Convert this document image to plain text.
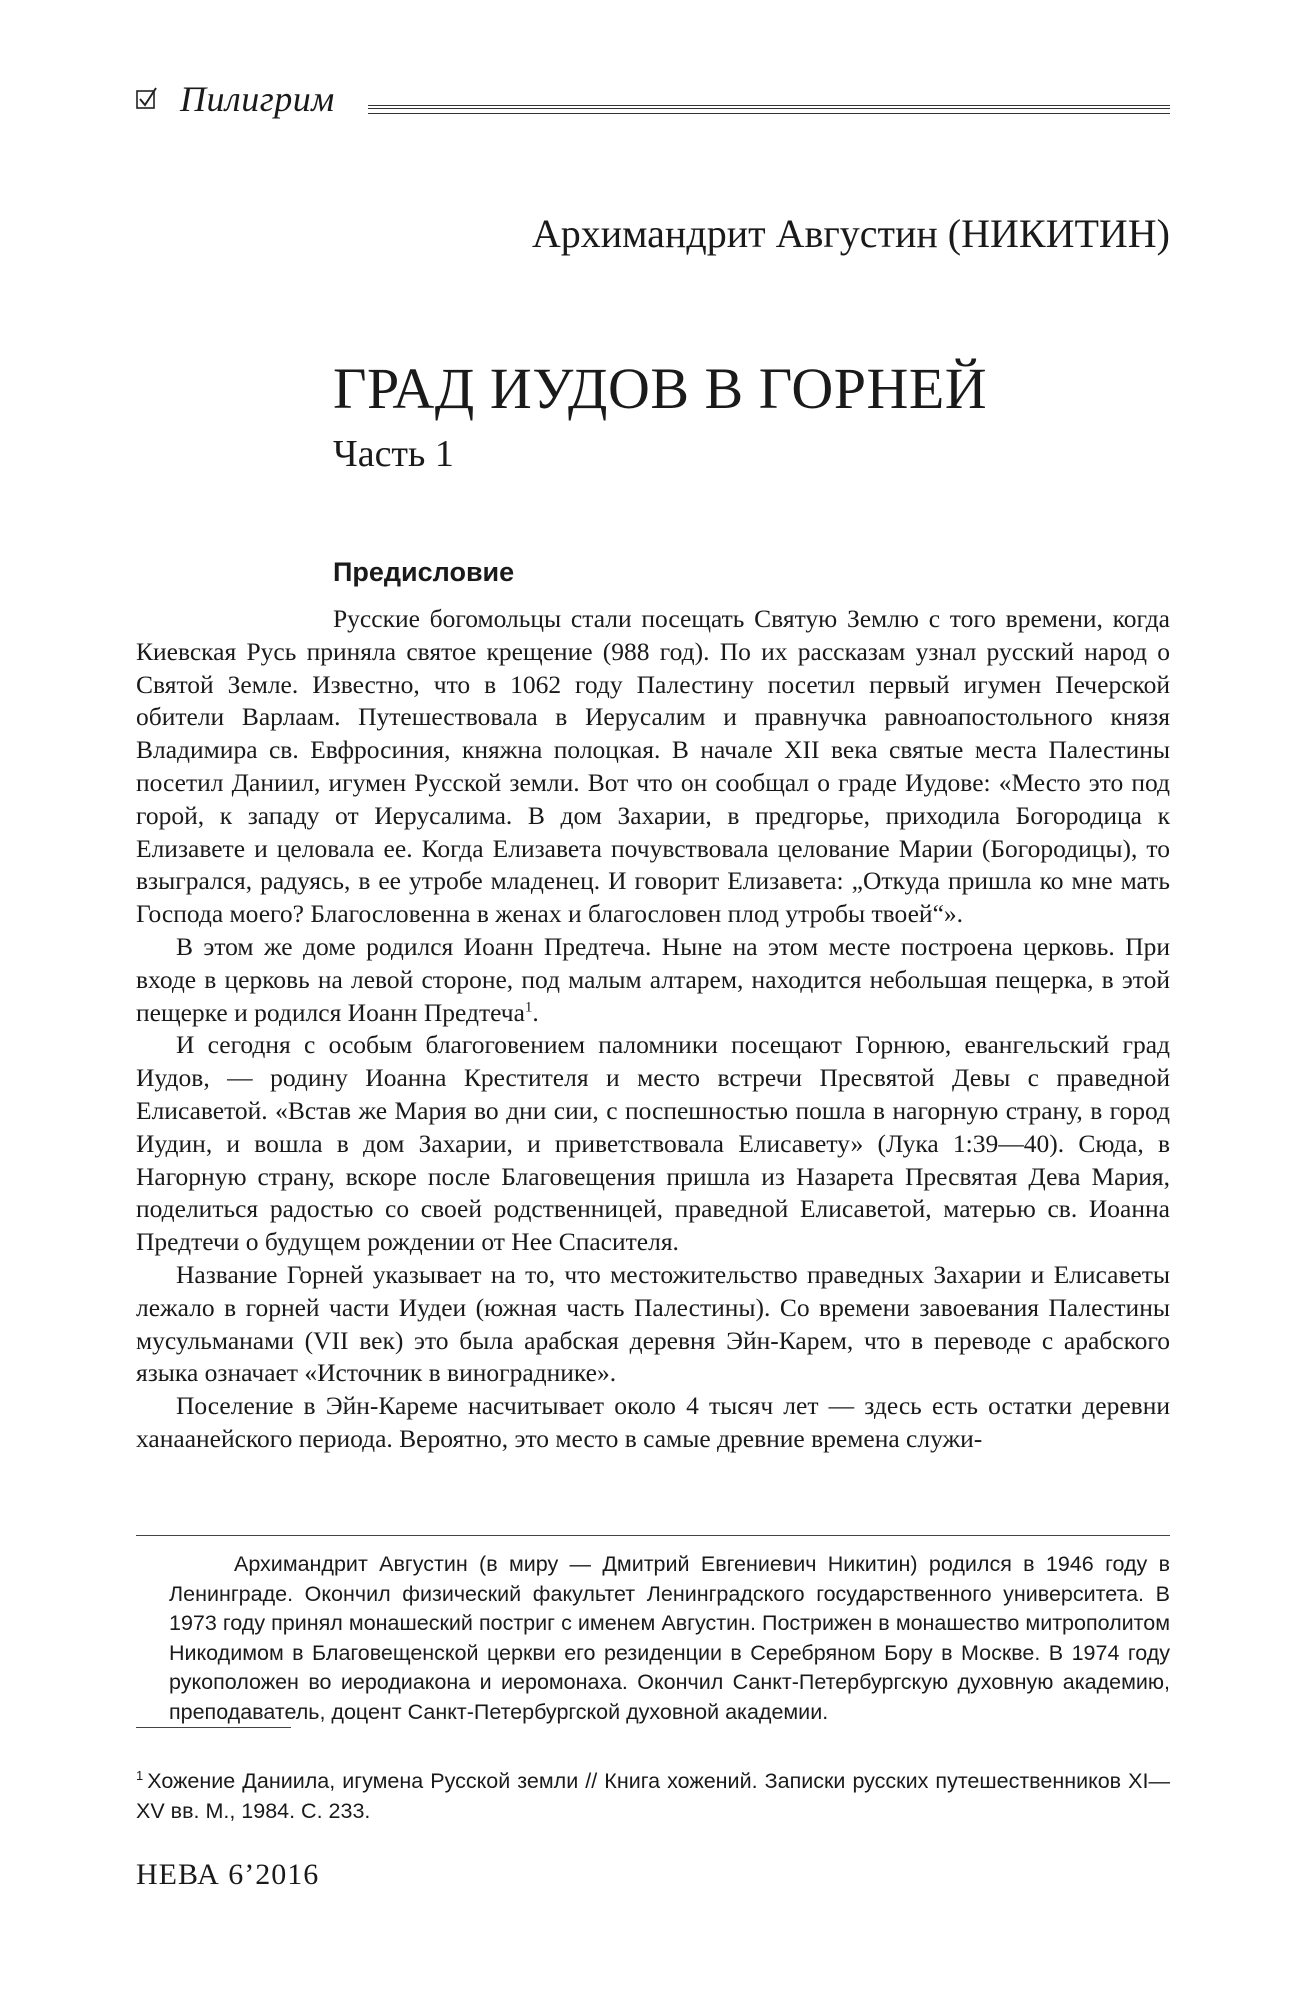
Пилигрим
Архимандрит Августин (НИКИТИН)
ГРАД ИУДОВ В ГОРНЕЙ
Часть 1
Предисловие

Русские богомольцы стали посещать Святую Землю с того времени, когда Киевская Русь приняла святое крещение (988 год). По их рассказам узнал русский народ о Святой Земле. Известно, что в 1062 году Палестину посетил первый игумен Печерской обители Варлаам. Путешествовала в Иерусалим и правнучка равноапостольного князя Владимира св. Евфросиния, княжна полоцкая. В начале XII века святые места Палестины посетил Даниил, игумен Русской земли. Вот что он сообщал о граде Иудове: «Место это под горой, к западу от Иерусалима. В дом Захарии, в предгорье, приходила Богородица к Елизавете и целовала ее. Когда Елизавета почувствовала целование Марии (Богородицы), то взыгрался, радуясь, в ее утробе младенец. И говорит Елизавета: „Откуда пришла ко мне мать Господа моего? Благословенна в женах и благословен плод утробы твоей“».

В этом же доме родился Иоанн Предтеча. Ныне на этом месте построена церковь. При входе в церковь на левой стороне, под малым алтарем, находится небольшая пещерка, в этой пещерке и родился Иоанн Предтеча$^1$.

И сегодня с особым благоговением паломники посещают Горнюю, евангельский град Иудов, — родину Иоанна Крестителя и место встречи Пресвятой Девы с праведной Елисаветой. «Встав же Мария во дни сии, с поспешностью пошла в нагорную страну, в город Иудин, и вошла в дом Захарии, и приветствовала Елисавету» (Лука 1:39—40). Сюда, в Нагорную страну, вскоре после Благовещения пришла из Назарета Пресвятая Дева Мария, поделиться радостью со своей родственницей, праведной Елисаветой, матерью св. Иоанна Предтечи о будущем рождении от Нее Спасителя.

Название Горней указывает на то, что местожительство праведных Захарии и Елисаветы лежало в горней части Иудеи (южная часть Палестины). Со времени завоевания Палестины мусульманами (VII век) это была арабская деревня Эйн-Карем, что в переводе с арабского языка означает «Источник в винограднике».

Поселение в Эйн-Кареме насчитывает около 4 тысяч лет — здесь есть остатки деревни ханаанейского периода. Вероятно, это место в самые древние времена служи-

Архимандрит Августин (в миру — Дмитрий Евгениевич Никитин) родился в 1946 году в Ленинграде. Окончил физический факультет Ленинградского государственного университета. В 1973 году принял монашеский постриг с именем Августин. Пострижен в монашество митрополитом Никодимом в Благовещенской церкви его резиденции в Серебряном Бору в Москве. В 1974 году рукоположен во иеродиакона и иеромонаха. Окончил Санкт-Петербургскую духовную академию, преподаватель, доцент Санкт-Петербургской духовной академии.

$^1$ Хожение Даниила, игумена Русской земли // Книга хожений. Записки русских путешественников XI—XV вв. М., 1984. С. 233.
НЕВА 6’2016
